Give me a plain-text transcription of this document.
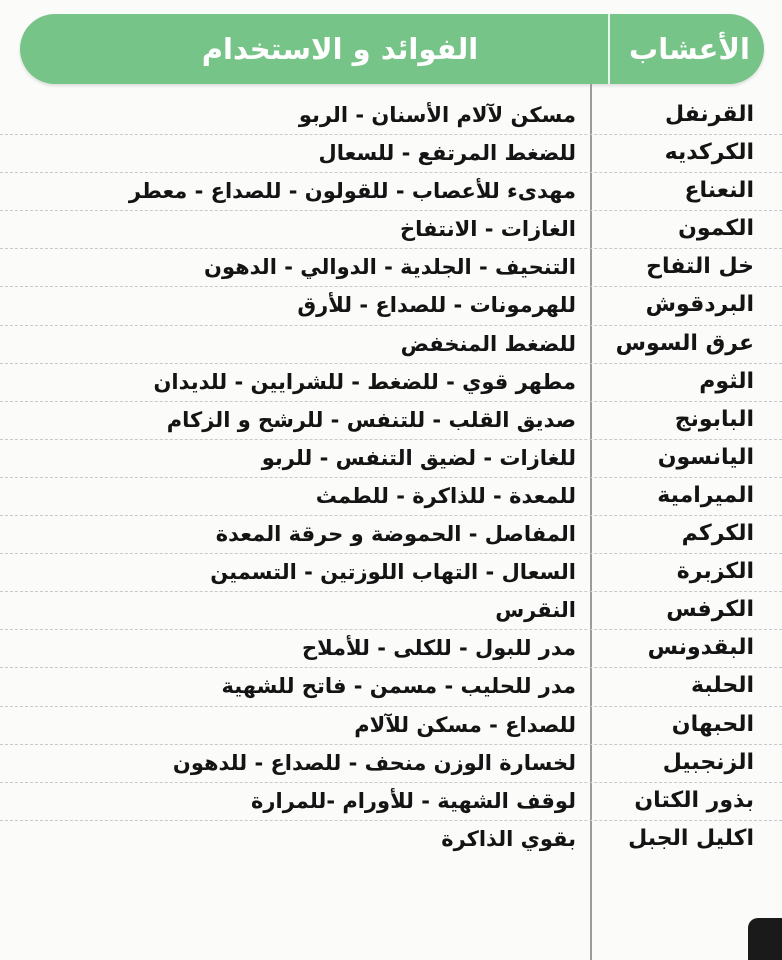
الأعشاب
الفوائد و الاستخدام
القرنفل
مسكن لآلام الأسنان - الربو
الكركديه
للضغط المرتفع - للسعال
النعناع
مهدىء للأعصاب - للقولون - للصداع - معطر
الكمون
الغازات - الانتفاخ
خل التفاح
التنحيف - الجلدية - الدوالي - الدهون
البردقوش
للهرمونات - للصداع - للأرق
عرق السوس
للضغط المنخفض
الثوم
مطهر قوي - للضغط - للشرايين - للديدان
البابونج
صديق القلب - للتنفس - للرشح و الزكام
اليانسون
للغازات - لضيق التنفس - للربو
الميرامية
للمعدة - للذاكرة - للطمث
الكركم
المفاصل - الحموضة و حرقة المعدة
الكزبرة
السعال - التهاب اللوزتين - التسمين
الكرفس
النقرس
البقدونس
مدر للبول - للكلى - للأملاح
الحلبة
مدر للحليب - مسمن - فاتح للشهية
الحبهان
للصداع - مسكن للآلام
الزنجبيل
لخسارة الوزن منحف - للصداع - للدهون
بذور الكتان
لوقف الشهية - للأورام -للمرارة
اكليل الجبل
بقوي الذاكرة
